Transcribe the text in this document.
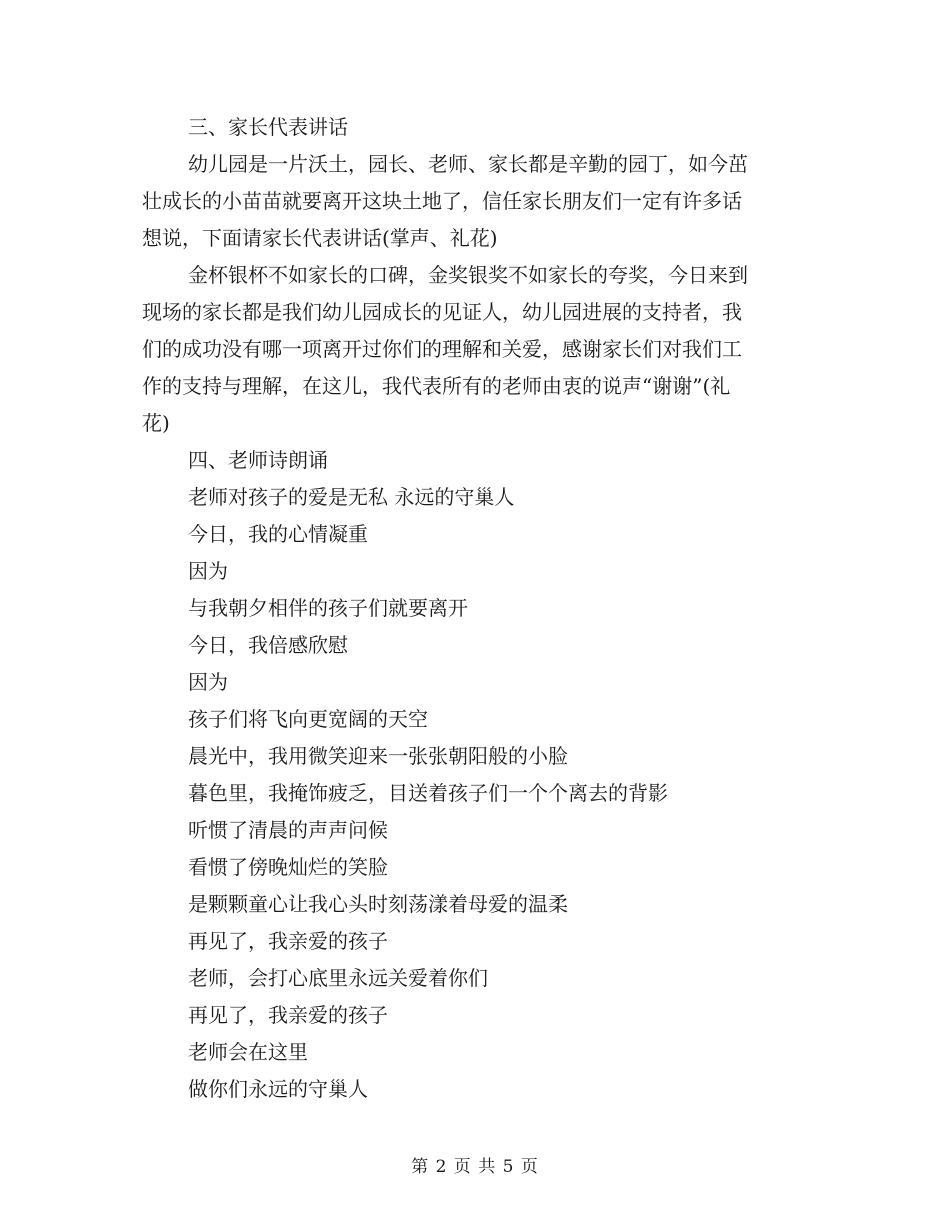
三、家长代表讲话
幼儿园是一片沃土，园长、老师、家长都是辛勤的园丁，如今茁
壮成长的小苗苗就要离开这块土地了，信任家长朋友们一定有许多话
想说，下面请家长代表讲话(掌声、礼花)
金杯银杯不如家长的口碑，金奖银奖不如家长的夸奖，今日来到
现场的家长都是我们幼儿园成长的见证人，幼儿园进展的支持者，我
们的成功没有哪一项离开过你们的理解和关爱，感谢家长们对我们工
作的支持与理解，在这儿，我代表所有的老师由衷的说声“谢谢”(礼
花)
四、老师诗朗诵
老师对孩子的爱是无私 永远的守巢人
今日，我的心情凝重
因为
与我朝夕相伴的孩子们就要离开
今日，我倍感欣慰
因为
孩子们将飞向更宽阔的天空
晨光中，我用微笑迎来一张张朝阳般的小脸
暮色里，我掩饰疲乏，目送着孩子们一个个离去的背影
听惯了清晨的声声问候
看惯了傍晚灿烂的笑脸
是颗颗童心让我心头时刻荡漾着母爱的温柔
再见了，我亲爱的孩子
老师，会打心底里永远关爱着你们
再见了，我亲爱的孩子
老师会在这里
做你们永远的守巢人
第 2 页 共 5 页
